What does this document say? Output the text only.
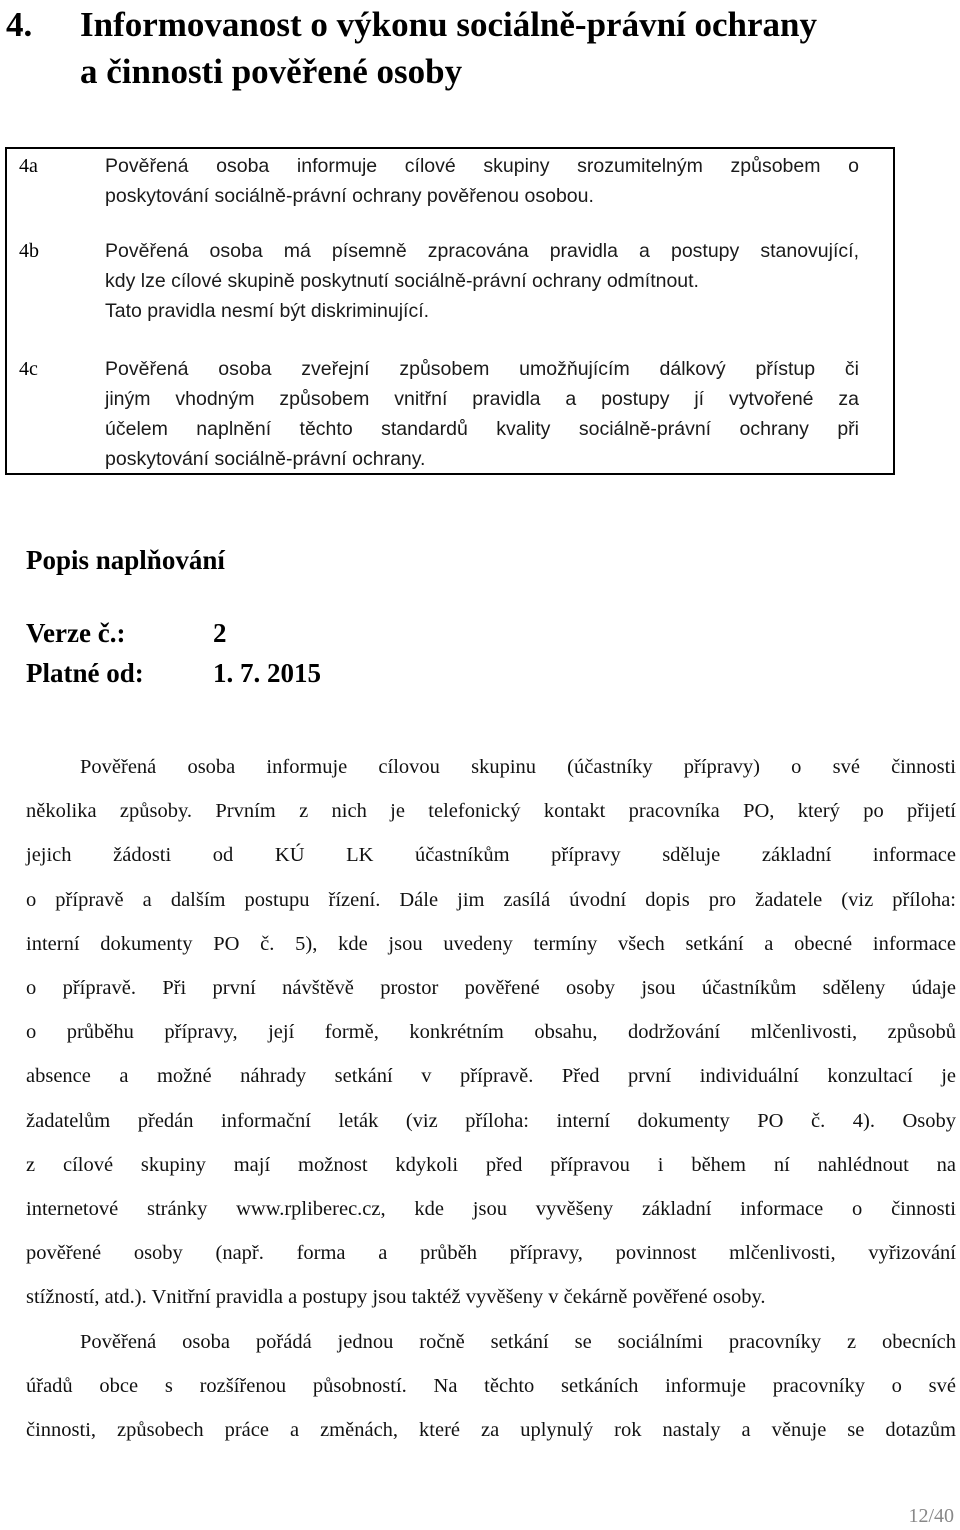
4. Informovanost o výkonu sociálně-právní ochrany
a činnosti pověřené osoby
4a	Pověřená osoba informuje cílové skupiny srozumitelným způsobem o
poskytování sociálně-právní ochrany pověřenou osobou.
4b	Pověřená osoba má písemně zpracována pravidla a postupy stanovující,
kdy lze cílové skupině poskytnutí sociálně-právní ochrany odmítnout.
Tato pravidla nesmí být diskriminující.
4c	Pověřená osoba zveřejní způsobem umožňujícím dálkový přístup či
jiným vhodným způsobem vnitřní pravidla a postupy jí vytvořené za
účelem naplnění těchto standardů kvality sociálně-právní ochrany při
poskytování sociálně-právní ochrany.
Popis naplňování
Verze č.:	2
Platné od:	1. 7. 2015
Pověřená osoba informuje cílovou skupinu (účastníky přípravy) o své činnosti
několika způsoby. Prvním z nich je telefonický kontakt pracovníka PO, který po přijetí
jejich žádosti od KÚ LK účastníkům přípravy sděluje základní informace
o přípravě a dalším postupu řízení. Dále jim zasílá úvodní dopis pro žadatele (viz příloha:
interní dokumenty PO č. 5), kde jsou uvedeny termíny všech setkání a obecné informace
o přípravě. Při první návštěvě prostor pověřené osoby jsou účastníkům sděleny údaje
o průběhu přípravy, její formě, konkrétním obsahu, dodržování mlčenlivosti, způsobů
absence a možné náhrady setkání v přípravě. Před první individuální konzultací je
žadatelům předán informační leták (viz příloha: interní dokumenty PO č. 4). Osoby
z cílové skupiny mají možnost kdykoli před přípravou i během ní nahlédnout na
internetové stránky www.rpliberec.cz, kde jsou vyvěšeny základní informace o činnosti
pověřené osoby (např. forma a průběh přípravy, povinnost mlčenlivosti, vyřizování
stížností, atd.). Vnitřní pravidla a postupy jsou taktéž vyvěšeny v čekárně pověřené osoby.
Pověřená osoba pořádá jednou ročně setkání se sociálními pracovníky z obecních
úřadů obce s rozšířenou působností. Na těchto setkáních informuje pracovníky o své
činnosti, způsobech práce a změnách, které za uplynulý rok nastaly a věnuje se dotazům
12/40
